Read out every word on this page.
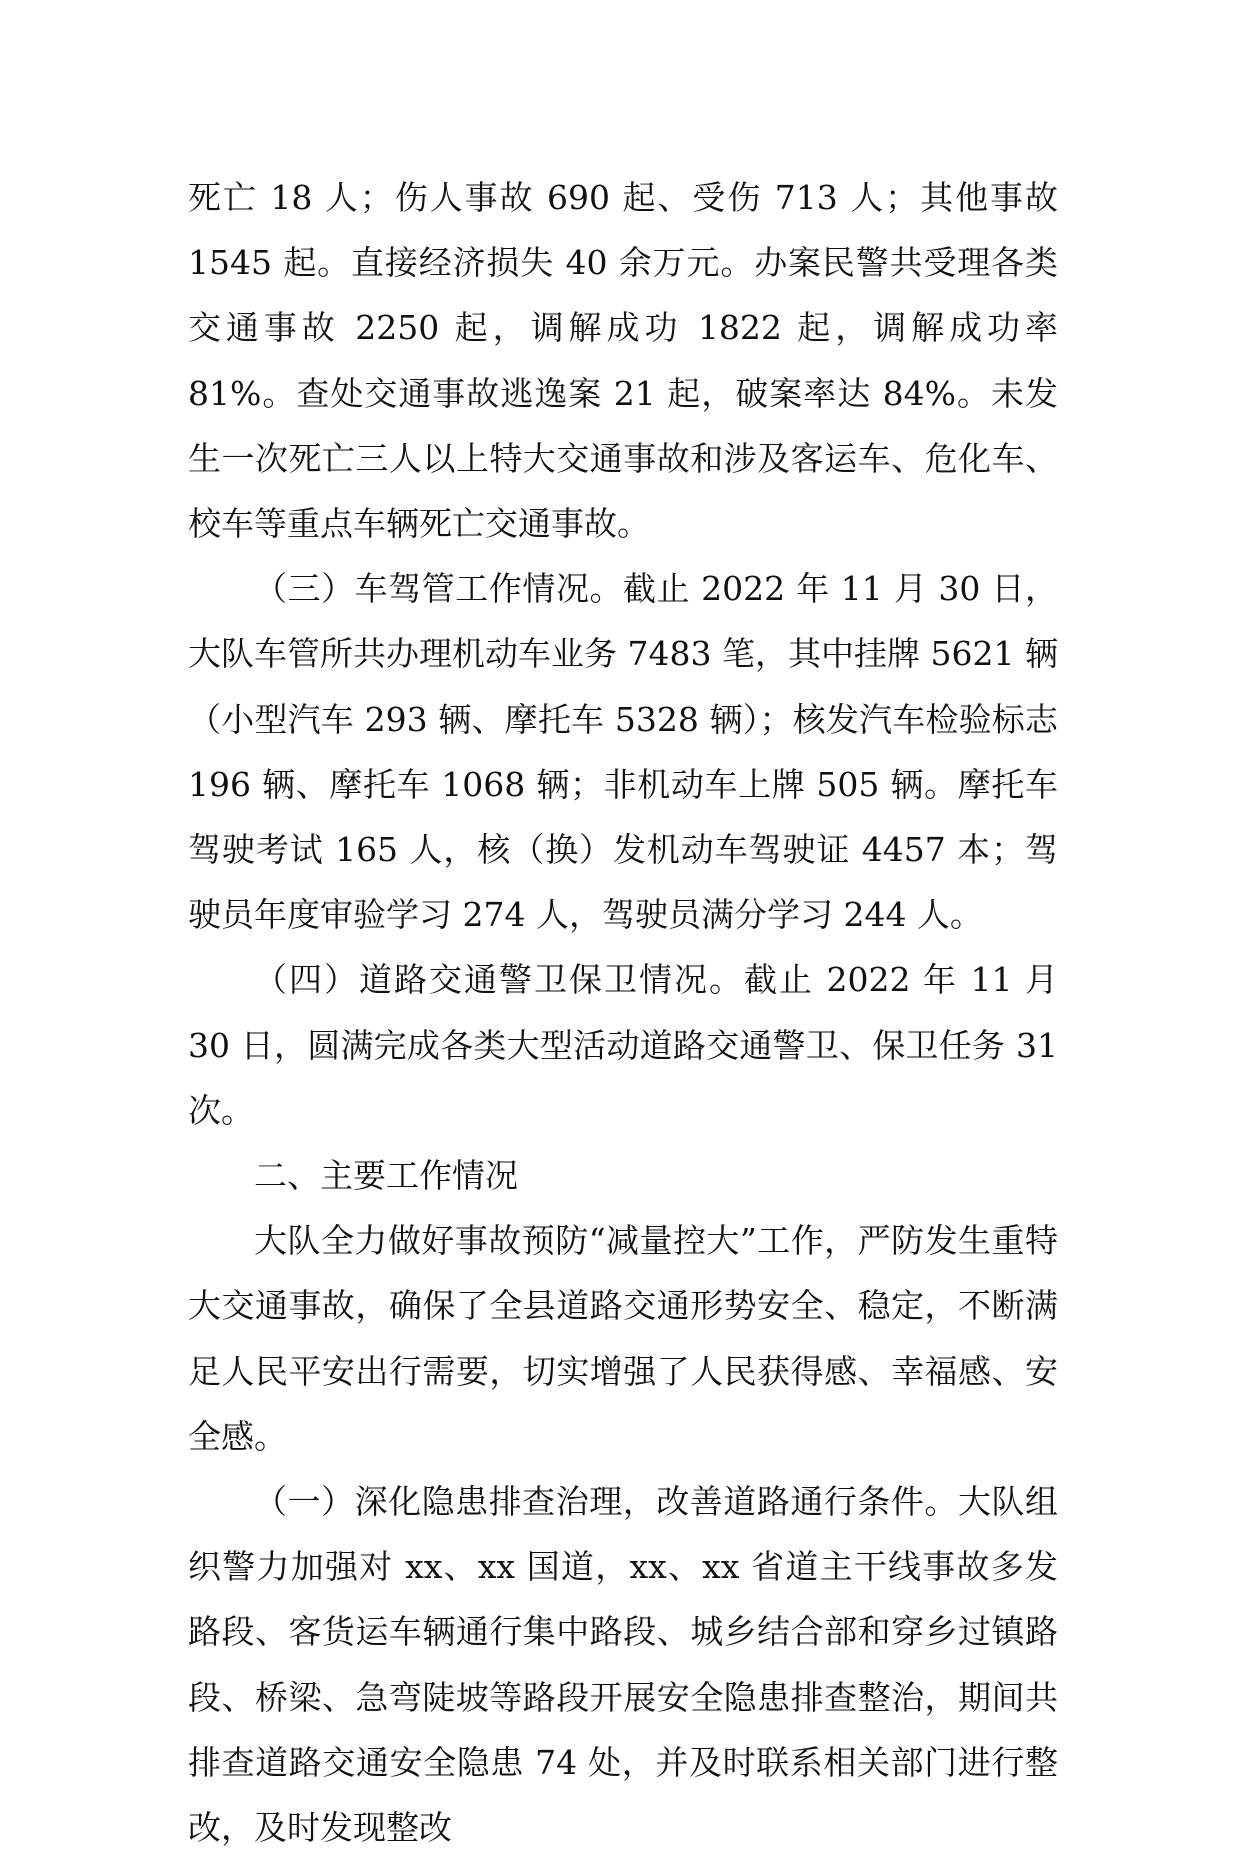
死亡 18 人；伤人事故 690 起、受伤 713 人；其他事故 1545 起。直接经济损失 40 余万元。办案民警共受理各类交通事故 2250 起，调解成功 1822 起，调解成功率 81%。查处交通事故逃逸案 21 起，破案率达 84%。未发生一次死亡三人以上特大交通事故和涉及客运车、危化车、校车等重点车辆死亡交通事故。

（三）车驾管工作情况。截止 2022 年 11 月 30 日，大队车管所共办理机动车业务 7483 笔，其中挂牌 5621 辆（小型汽车 293 辆、摩托车 5328 辆）；核发汽车检验标志 196 辆、摩托车 1068 辆；非机动车上牌 505 辆。摩托车驾驶考试 165 人，核（换）发机动车驾驶证 4457 本；驾驶员年度审验学习 274 人，驾驶员满分学习 244 人。

（四）道路交通警卫保卫情况。截止 2022 年 11 月 30 日，圆满完成各类大型活动道路交通警卫、保卫任务 31 次。

二、主要工作情况

大队全力做好事故预防“减量控大”工作，严防发生重特大交通事故，确保了全县道路交通形势安全、稳定，不断满足人民平安出行需要，切实增强了人民获得感、幸福感、安全感。

（一）深化隐患排查治理，改善道路通行条件。大队组织警力加强对 xx、xx 国道，xx、xx 省道主干线事故多发路段、客货运车辆通行集中路段、城乡结合部和穿乡过镇路段、桥梁、急弯陡坡等路段开展安全隐患排查整治，期间共排查道路交通安全隐患 74 处，并及时联系相关部门进行整改，及时发现整改
